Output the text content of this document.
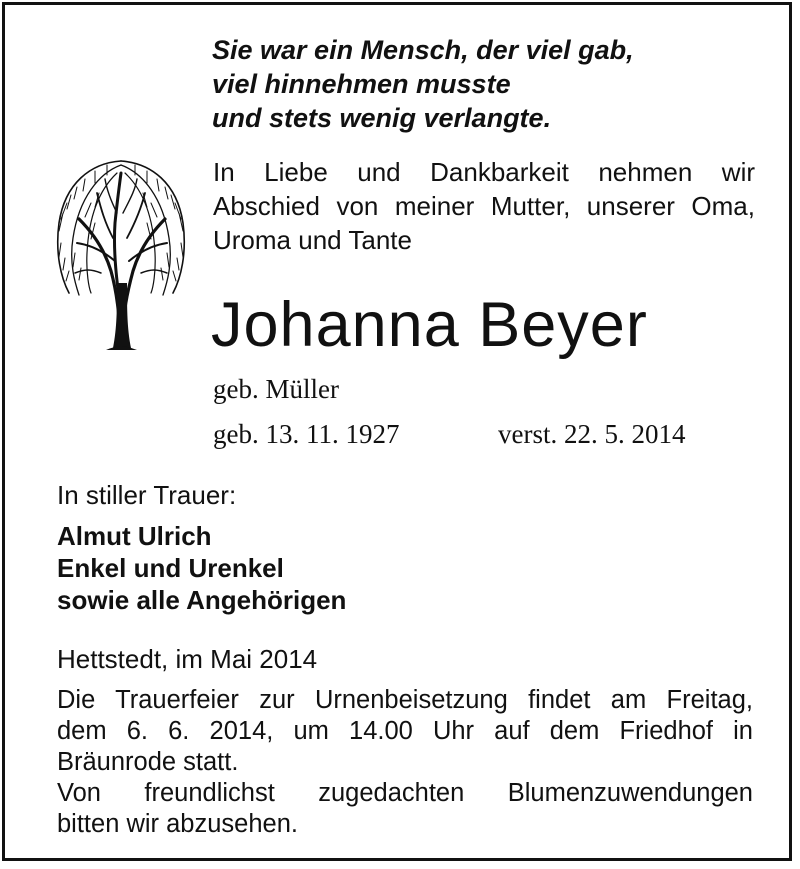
Sie war ein Mensch, der viel gab,
viel hinnehmen musste
und stets wenig verlangte.
In Liebe und Dankbarkeit nehmen wir
Abschied von meiner Mutter, unserer Oma,
Uroma und Tante
Johanna Beyer
geb. Müller
geb. 13. 11. 1927	verst. 22. 5. 2014
In stiller Trauer:
Almut Ulrich
Enkel und Urenkel
sowie alle Angehörigen
Hettstedt, im Mai 2014
Die Trauerfeier zur Urnenbeisetzung findet am Freitag,
dem 6. 6. 2014, um 14.00 Uhr auf dem Friedhof in
Bräunrode statt.
Von freundlichst zugedachten Blumenzuwendungen
bitten wir abzusehen.
